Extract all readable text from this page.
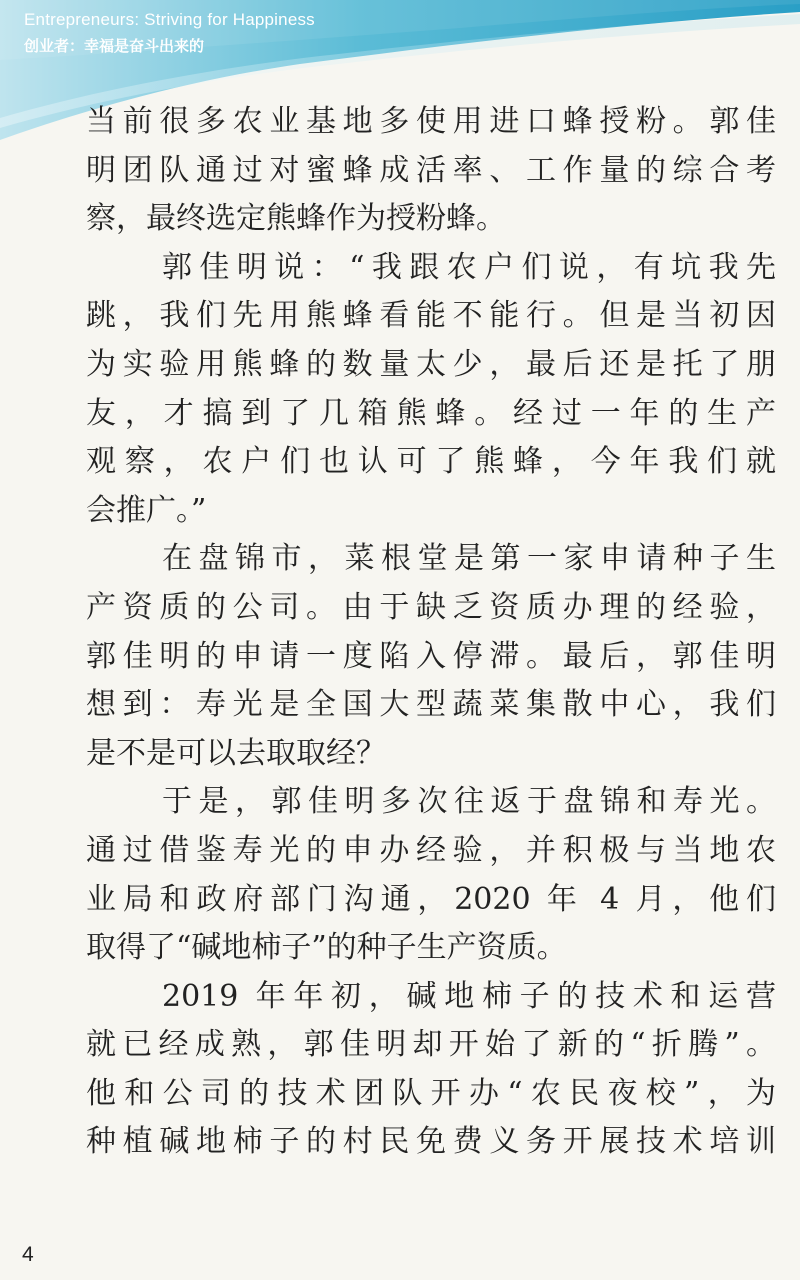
Entrepreneurs: Striving for Happiness
创业者：幸福是奋斗出来的
当前很多农业基地多使用进口蜂授粉。郭佳
明团队通过对蜜蜂成活率、工作量的综合考
察，最终选定熊蜂作为授粉蜂。
郭佳明说：“我跟农户们说，有坑我先
跳，我们先用熊蜂看能不能行。但是当初因
为实验用熊蜂的数量太少，最后还是托了朋
友，才搞到了几箱熊蜂。经过一年的生产
观察，农户们也认可了熊蜂，今年我们就
会推广。”
在盘锦市，菜根堂是第一家申请种子生
产资质的公司。由于缺乏资质办理的经验，
郭佳明的申请一度陷入停滞。最后，郭佳明
想到：寿光是全国大型蔬菜集散中心，我们
是不是可以去取取经？
于是，郭佳明多次往返于盘锦和寿光。
通过借鉴寿光的申办经验，并积极与当地农
业局和政府部门沟通，2020 年 4 月，他们
取得了“碱地柿子”的种子生产资质。
2019 年年初，碱地柿子的技术和运营
就已经成熟，郭佳明却开始了新的“折腾”。
他和公司的技术团队开办“农民夜校”，为
种植碱地柿子的村民免费义务开展技术培训
4
